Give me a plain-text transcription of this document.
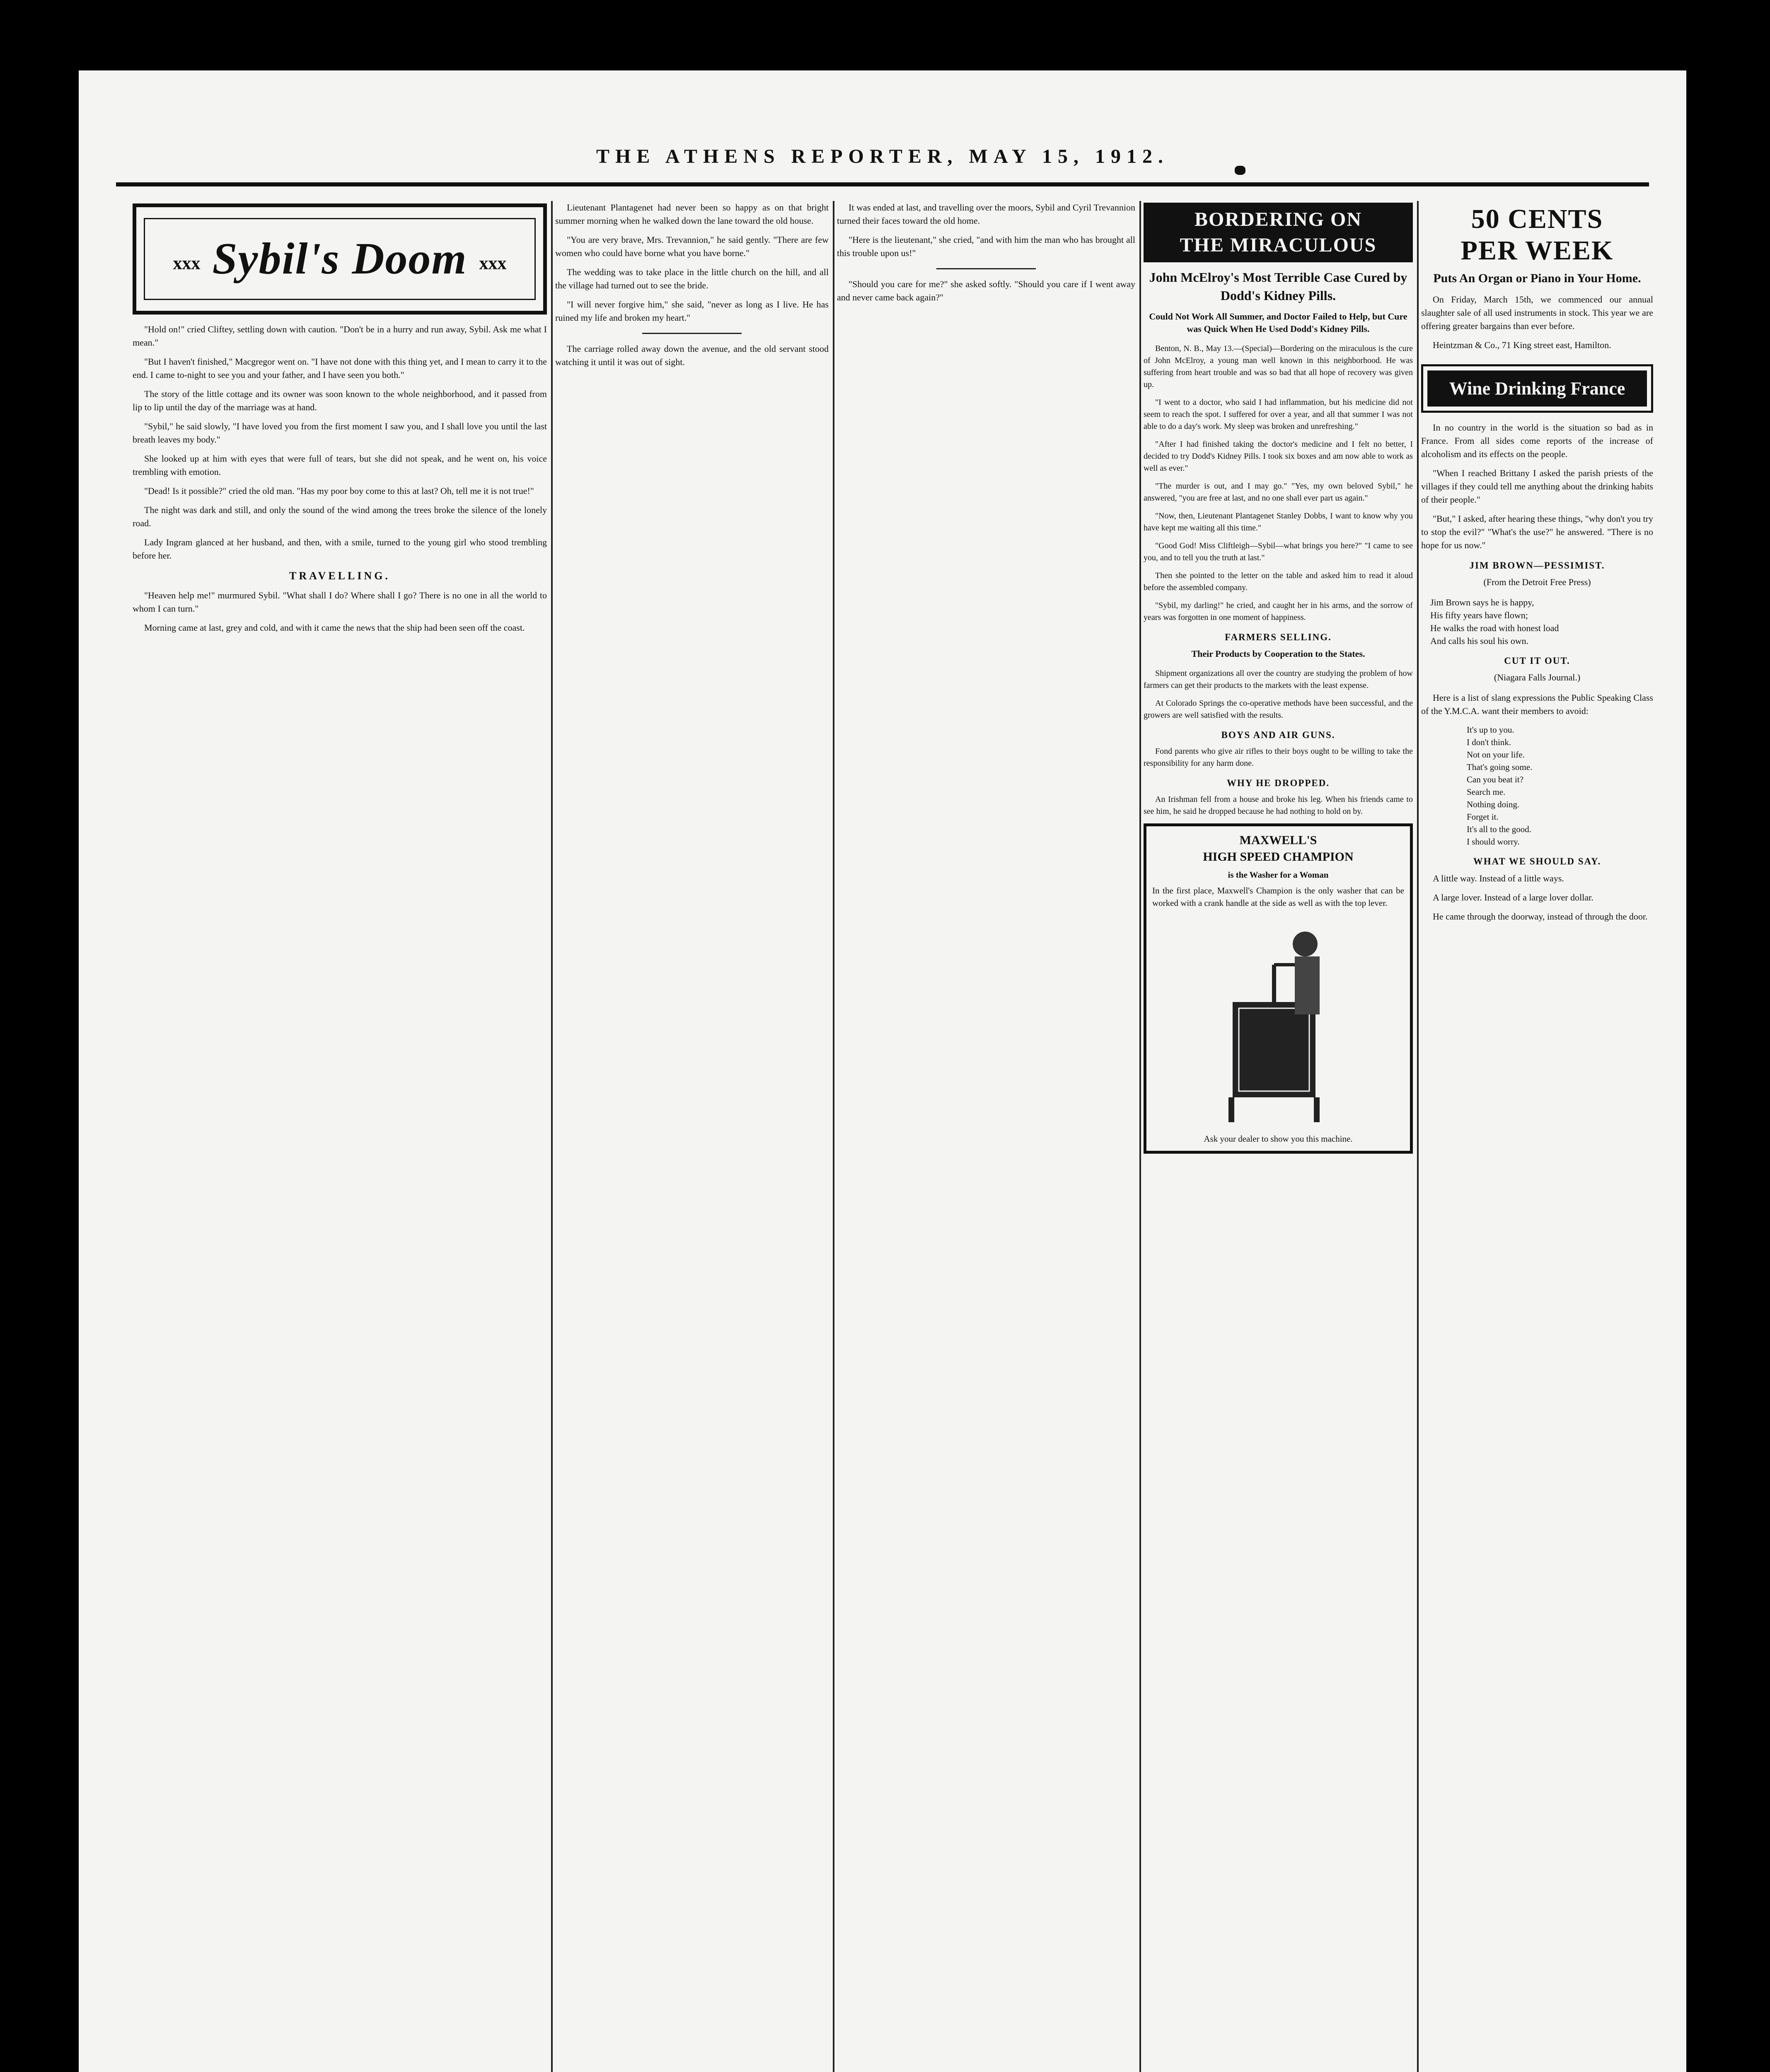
THE ATHENS REPORTER, MAY 15, 1912.
xxx Sybil's Doom xxx

"Hold on!" cried Cliftey, settling down with caution. "Don't be in a hurry and run away, Sybil. Ask me what I mean."

"But I haven't finished," Macgregor went on. "I have not done with this thing yet, and I mean to carry it to the end. I came to-night to see you and your father, and I have seen you both."

The story of the little cottage and its owner was soon known to the whole neighborhood, and it passed from lip to lip until the day of the marriage was at hand.

"Sybil," he said slowly, "I have loved you from the first moment I saw you, and I shall love you until the last breath leaves my body."

She looked up at him with eyes that were full of tears, but she did not speak, and he went on, his voice trembling with emotion.

"Dead! Is it possible?" cried the old man. "Has my poor boy come to this at last? Oh, tell me it is not true!"

The night was dark and still, and only the sound of the wind among the trees broke the silence of the lonely road.

Lady Ingram glanced at her husband, and then, with a smile, turned to the young girl who stood trembling before her.

TRAVELLING.

"Heaven help me!" murmured Sybil. "What shall I do? Where shall I go? There is no one in all the world to whom I can turn."

Morning came at last, grey and cold, and with it came the news that the ship had been seen off the coast.

Lieutenant Plantagenet had never been so happy as on that bright summer morning when he walked down the lane toward the old house.

"You are very brave, Mrs. Trevannion," he said gently. "There are few women who could have borne what you have borne."

The wedding was to take place in the little church on the hill, and all the village had turned out to see the bride.

"I will never forgive him," she said, "never as long as I live. He has ruined my life and broken my heart."

The carriage rolled away down the avenue, and the old servant stood watching it until it was out of sight.

It was ended at last, and travelling over the moors, Sybil and Cyril Trevannion turned their faces toward the old home.

"Here is the lieutenant," she cried, "and with him the man who has brought all this trouble upon us!"

"Should you care for me?" she asked softly. "Should you care if I went away and never came back again?"

BORDERING ON
THE MIRACULOUS
John McElroy's Most Terrible Case Cured by Dodd's Kidney Pills.
Could Not Work All Summer, and Doctor Failed to Help, but Cure was Quick When He Used Dodd's Kidney Pills.

Benton, N. B., May 13.—(Special)—Bordering on the miraculous is the cure of John McElroy, a young man well known in this neighborhood. He was suffering from heart trouble and was so bad that all hope of recovery was given up.

"I went to a doctor, who said I had inflammation, but his medicine did not seem to reach the spot. I suffered for over a year, and all that summer I was not able to do a day's work. My sleep was broken and unrefreshing."

"After I had finished taking the doctor's medicine and I felt no better, I decided to try Dodd's Kidney Pills. I took six boxes and am now able to work as well as ever."

"The murder is out, and I may go." "Yes, my own beloved Sybil," he answered, "you are free at last, and no one shall ever part us again."

"Now, then, Lieutenant Plantagenet Stanley Dobbs, I want to know why you have kept me waiting all this time."

"Good God! Miss Cliftleigh—Sybil—what brings you here?" "I came to see you, and to tell you the truth at last."

Then she pointed to the letter on the table and asked him to read it aloud before the assembled company.

"Sybil, my darling!" he cried, and caught her in his arms, and the sorrow of years was forgotten in one moment of happiness.

FARMERS SELLING.
Their Products by Cooperation to the States.

Shipment organizations all over the country are studying the problem of how farmers can get their products to the markets with the least expense.

At Colorado Springs the co-operative methods have been successful, and the growers are well satisfied with the results.

BOYS AND AIR GUNS.

Fond parents who give air rifles to their boys ought to be willing to take the responsibility for any harm done.

WHY HE DROPPED.

An Irishman fell from a house and broke his leg. When his friends came to see him, he said he dropped because he had nothing to hold on by.

MAXWELL'S
HIGH SPEED CHAMPION
is the Washer for a Woman
In the first place, Maxwell's Champion is the only washer that can be worked with a crank handle at the side as well as with the top lever.
Ask your dealer to show you this machine.
50 CENTS
PER WEEK
Puts An Organ or Piano in Your Home.

On Friday, March 15th, we commenced our annual slaughter sale of all used instruments in stock. This year we are offering greater bargains than ever before.

Heintzman & Co., 71 King street east, Hamilton.

Wine Drinking France

In no country in the world is the situation so bad as in France. From all sides come reports of the increase of alcoholism and its effects on the people.

"When I reached Brittany I asked the parish priests of the villages if they could tell me anything about the drinking habits of their people."

"But," I asked, after hearing these things, "why don't you try to stop the evil?" "What's the use?" he answered. "There is no hope for us now."

JIM BROWN—PESSIMIST.
(From the Detroit Free Press)
Jim Brown says he is happy,
His fifty years have flown;
He walks the road with honest load
And calls his soul his own.
CUT IT OUT.
(Niagara Falls Journal.)

Here is a list of slang expressions the Public Speaking Class of the Y.M.C.A. want their members to avoid:

It's up to you.
I don't think.
Not on your life.
That's going some.
Can you beat it?
Search me.
Nothing doing.
Forget it.
It's all to the good.
I should worry.
WHAT WE SHOULD SAY.

A little way. Instead of a little ways.

A large lover. Instead of a large lover dollar.

He came through the doorway, instead of through the door.
